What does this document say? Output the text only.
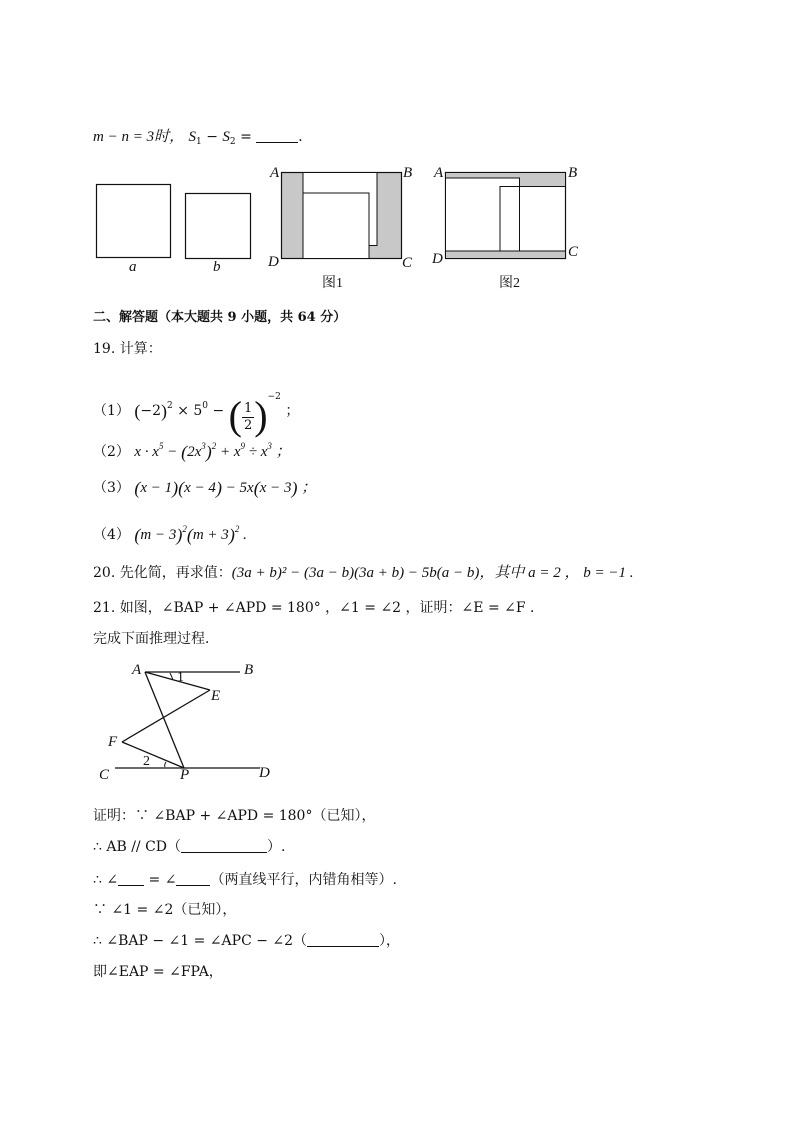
m − n = 3时， $S_1 - S_2$ =	．
a	b
A	B
D	C
图1
A	B
D	C
图2
二、解答题（本大题共 9 小题，共 64 分）
19. 计算：
（1） $(-2)^2 \times 5^0$ − ( $\frac{1}{2} )^{-2}$ ；
（2） $x \cdot x^5 - (2x^3)^2 + x^9 \div x^3$ ；
（3） (x − 1)(x − 4) − 5x(x − 3) ；
（4） $(m - 3)^2(m + 3)^2$ .
20. 先化简，再求值：(3a + b)² − (3a − b)(3a + b) − 5b(a − b)，其中 a = 2 ， b = −1 .
21. 如图，∠BAP + ∠APD = 180° ，∠1 = ∠2 ，证明：∠E = ∠F ．
完成下面推理过程．
A	B
1
E
F
2
C	P	D
证明：∵ ∠BAP + ∠APD = 180°（已知），
∴ AB // CD（	）.
∴ ∠ = ∠ （两直线平行，内错角相等）.
∵ ∠1 = ∠2（已知），
∴ ∠BAP − ∠1 = ∠APC − ∠2（	），
即∠EAP = ∠FPA，
